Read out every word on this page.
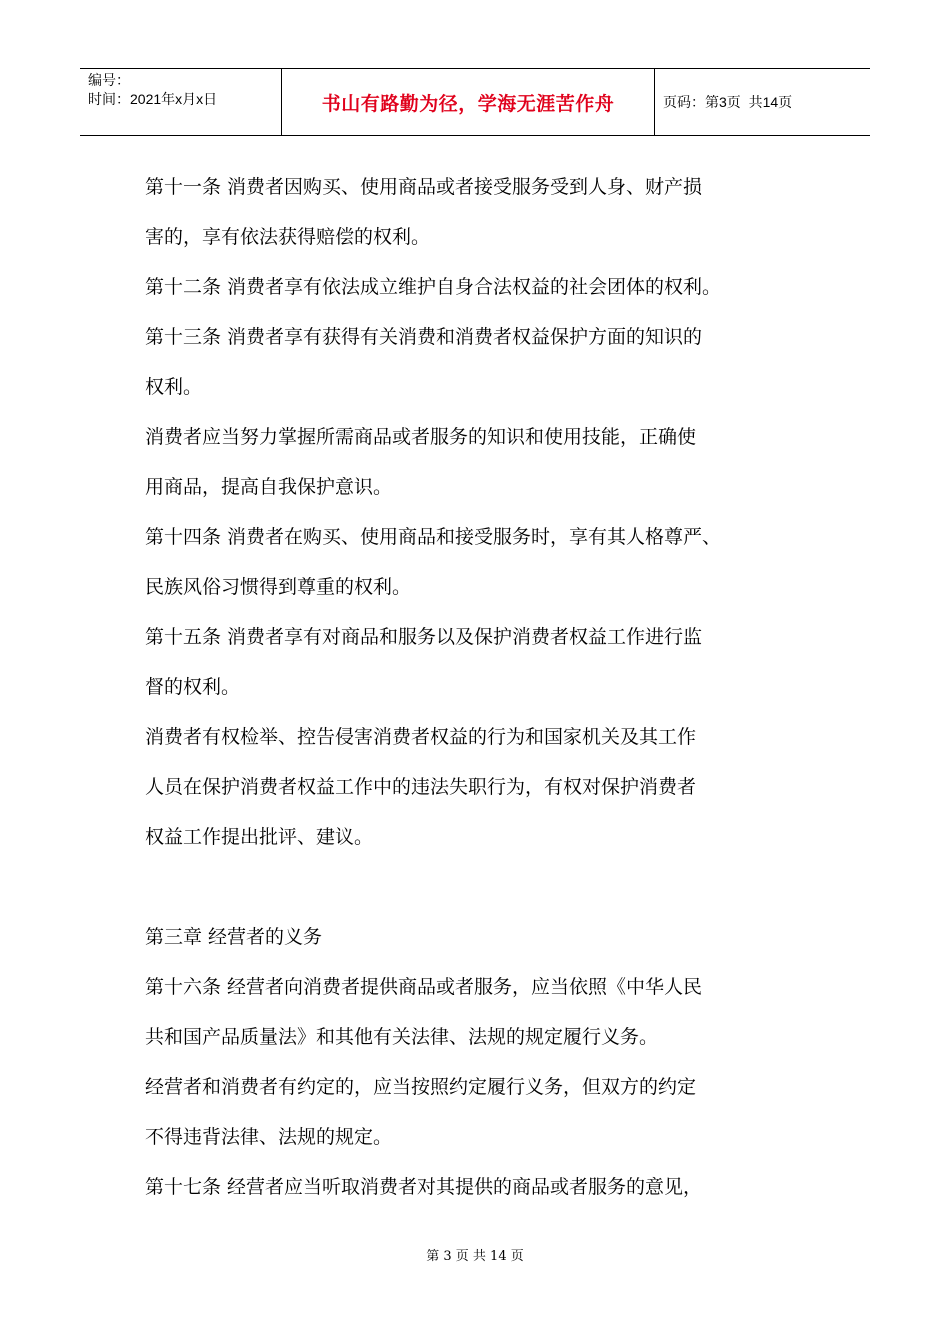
编号：
时间：2021年x月x日	书山有路勤为径，学海无涯苦作舟	页码：第 3 页  共 14 页

第十一条 消费者因购买、使用商品或者接受服务受到人身、财产损

害的，享有依法获得赔偿的权利。

第十二条 消费者享有依法成立维护自身合法权益的社会团体的权利。

第十三条 消费者享有获得有关消费和消费者权益保护方面的知识的

权利。

消费者应当努力掌握所需商品或者服务的知识和使用技能，正确使

用商品，提高自我保护意识。

第十四条 消费者在购买、使用商品和接受服务时，享有其人格尊严、

民族风俗习惯得到尊重的权利。

第十五条 消费者享有对商品和服务以及保护消费者权益工作进行监

督的权利。

消费者有权检举、控告侵害消费者权益的行为和国家机关及其工作

人员在保护消费者权益工作中的违法失职行为，有权对保护消费者

权益工作提出批评、建议。

第三章 经营者的义务

第十六条 经营者向消费者提供商品或者服务，应当依照《中华人民

共和国产品质量法》和其他有关法律、法规的规定履行义务。

经营者和消费者有约定的，应当按照约定履行义务，但双方的约定

不得违背法律、法规的规定。

第十七条 经营者应当听取消费者对其提供的商品或者服务的意见，

第 3 页 共 14 页
